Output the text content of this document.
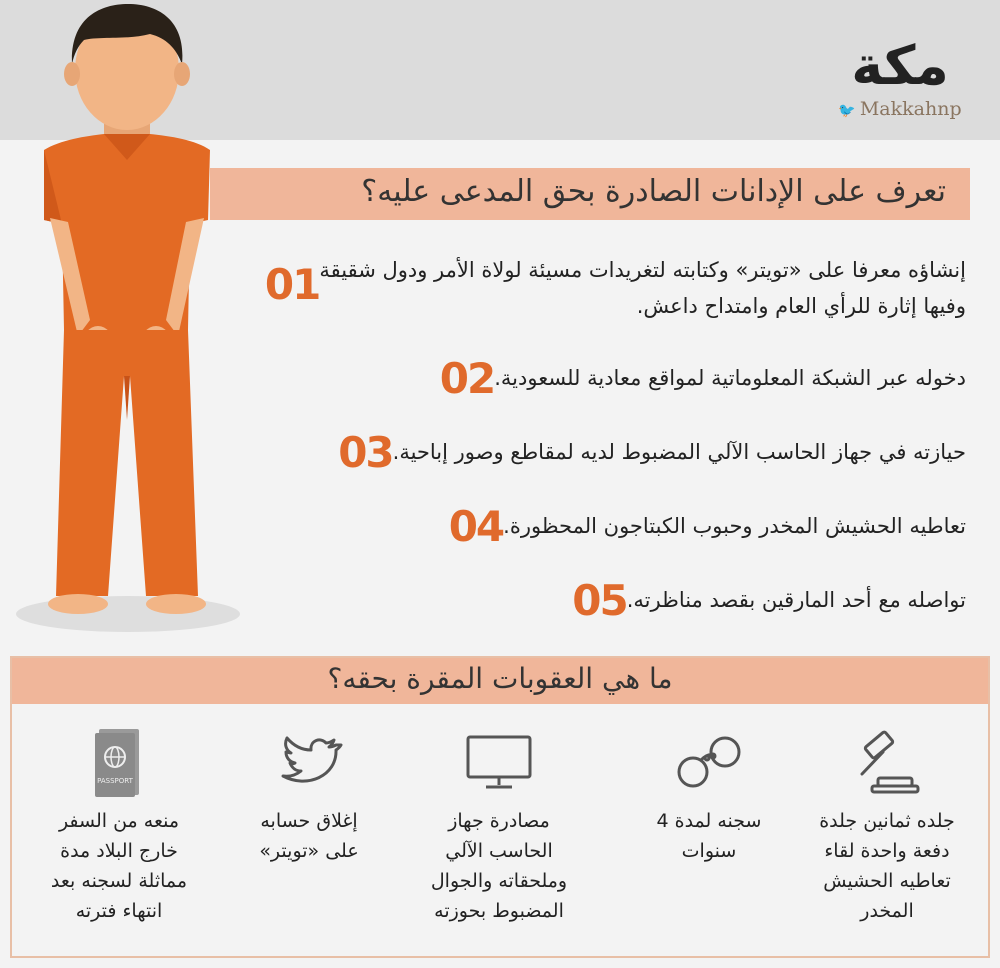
مكة
🐦 Makkahnp
تعرف على الإدانات الصادرة بحق المدعى عليه؟
01 إنشاؤه معرفا على «تويتر» وكتابته لتغريدات مسيئة لولاة الأمر ودول شقيقة
وفيها إثارة للرأي العام وامتداح داعش.
02 دخوله عبر الشبكة المعلوماتية لمواقع معادية للسعودية.
03 حيازته في جهاز الحاسب الآلي المضبوط لديه لمقاطع وصور إباحية.
04 تعاطيه الحشيش المخدر وحبوب الكبتاجون المحظورة.
05 تواصله مع أحد المارقين بقصد مناظرته.
ما هي العقوبات المقرة بحقه؟
جلده ثمانين جلدة
دفعة واحدة لقاء
تعاطيه الحشيش
المخدر
سجنه لمدة 4
سنوات
مصادرة جهاز
الحاسب الآلي
وملحقاته والجوال
المضبوط بحوزته
إغلاق حسابه
على «تويتر»
PASSPORT
منعه من السفر
خارج البلاد مدة
مماثلة لسجنه بعد
انتهاء فترته
